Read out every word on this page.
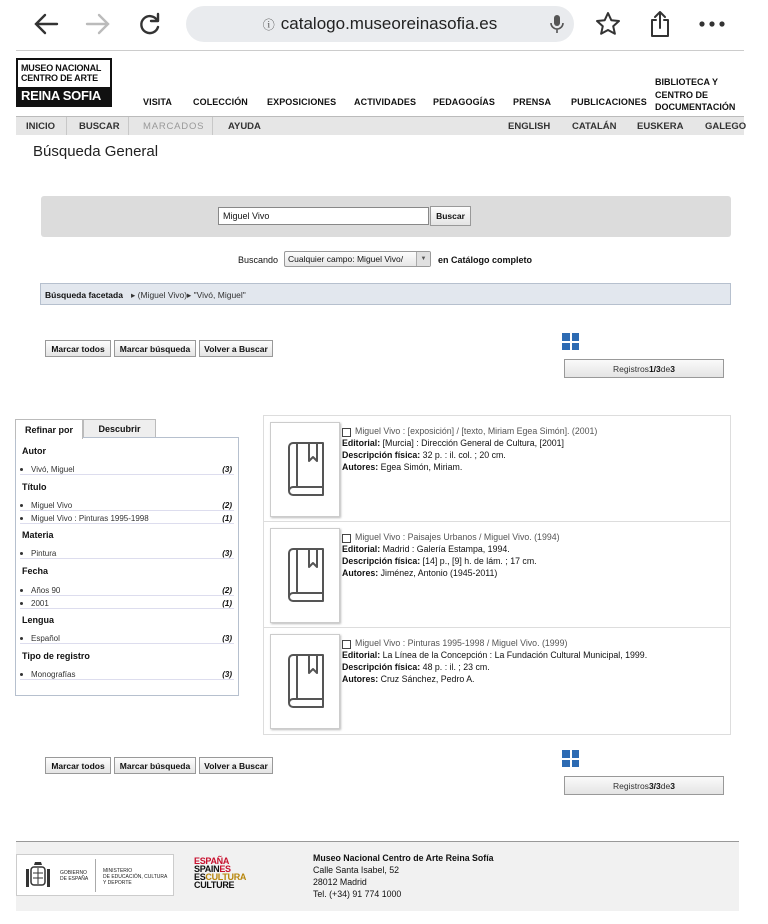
ⓘ catalogo.museoreinasofia.es
MUSEO NACIONAL
CENTRO DE ARTE
REINA SOFIA	VISITA COLECCIÓN EXPOSICIONES ACTIVIDADES PEDAGOGÍAS PRENSA PUBLICACIONES
BIBLIOTECA Y
CENTRO DE
DOCUMENTACIÓN
INICIO	BUSCAR MARCADOS AYUDA	ENGLISH CATALÁN EUSKERA GALEGO
Búsqueda General
Miguel Vivo
Buscar
Buscando	Cualquier campo: Miguel Vivo/	▼	en Catálogo completo
Búsqueda facetada ▸ (Miguel Vivo) ▸ "Vivó, Miguel"
Marcar todos	Marcar búsqueda	Volver a Buscar
Registros 1/3 de 3
Refinar por	Descubrir
Autor
Vivó, Miguel	(3)
Título
Miguel Vivo	(2)
Miguel Vivo : Pinturas 1995-1998	(1)
Materia
Pintura	(3)
Fecha
Años 90	(2)
2001	(1)
Lengua
Español	(3)
Tipo de registro
Monografías	(3)
Miguel Vivo : [exposición] / [texto, Miriam Egea Simón]. (2001)
Editorial: [Murcia] : Dirección General de Cultura, [2001]
Descripción física: 32 p. : il. col. ; 20 cm.
Autores: Egea Simón, Miriam.
Miguel Vivo : Paisajes Urbanos / Miguel Vivo. (1994)
Editorial: Madrid : Galería Estampa, 1994.
Descripción física: [14] p., [9] h. de lám. ; 17 cm.
Autores: Jiménez, Antonio (1945-2011)
Miguel Vivo : Pinturas 1995-1998 / Miguel Vivo. (1999)
Editorial: La Línea de la Concepción : La Fundación Cultural Municipal, 1999.
Descripción física: 48 p. : il. ; 23 cm.
Autores: Cruz Sánchez, Pedro A.
Marcar todos	Marcar búsqueda	Volver a Buscar
Registros 3/3 de 3
GOBIERNO
DE ESPAÑA
MINISTERIO
DE EDUCACIÓN, CULTURA
Y DEPORTE
ESPAÑA
SPAINES
ESCULTURA
CULTURE
Museo Nacional Centro de Arte Reina Sofía
Calle Santa Isabel, 52
28012 Madrid
Tel. (+34) 91 774 1000
